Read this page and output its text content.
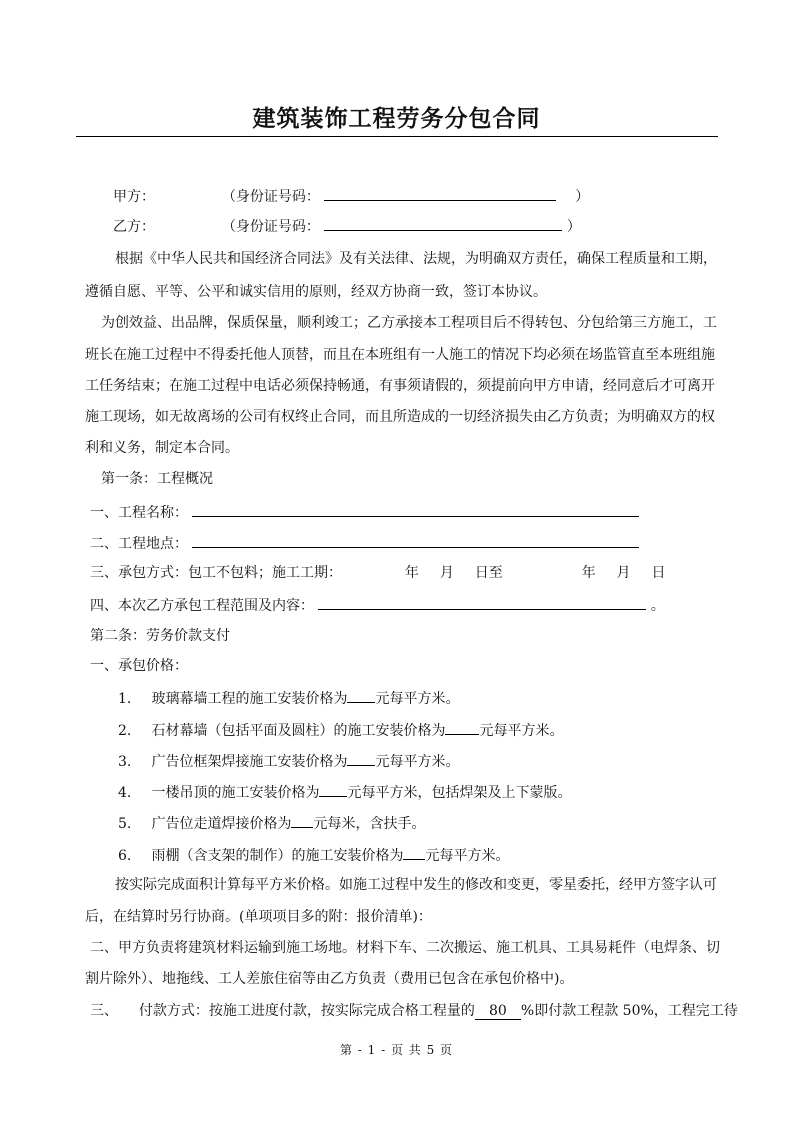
建筑装饰工程劳务分包合同
甲方：	（身份证号码：	）
乙方：	（身份证号码：	）
根据《中华人民共和国经济合同法》及有关法律、法规，为明确双方责任，确保工程质量和工期，
遵循自愿、平等、公平和诚实信用的原则，经双方协商一致，签订本协议。
为创效益、出品牌，保质保量，顺利竣工；乙方承接本工程项目后不得转包、分包给第三方施工，工
班长在施工过程中不得委托他人顶替，而且在本班组有一人施工的情况下均必须在场监管直至本班组施
工任务结束；在施工过程中电话必须保持畅通，有事须请假的，须提前向甲方申请，经同意后才可离开
施工现场，如无故离场的公司有权终止合同，而且所造成的一切经济损失由乙方负责；为明确双方的权
利和义务，制定本合同。
第一条：工程概况
一、工程名称：
二、工程地点：
三、承包方式：包工不包料；施工工期：	年 月 日至	年 月 日
四、本次乙方承包工程范围及内容：	。
第二条：劳务价款支付
一、承包价格：
1. 玻璃幕墙工程的施工安装价格为 元每平方米。
2. 石材幕墙（包括平面及圆柱）的施工安装价格为 元每平方米。
3. 广告位框架焊接施工安装价格为 元每平方米。
4. 一楼吊顶的施工安装价格为 元每平方米，包括焊架及上下蒙版。
5. 广告位走道焊接价格为 元每米，含扶手。
6. 雨棚（含支架的制作）的施工安装价格为 元每平方米。
按实际完成面积计算每平方米价格。如施工过程中发生的修改和变更，零星委托，经甲方签字认可
后，在结算时另行协商。(单项项目多的附：报价清单)：
二、甲方负责将建筑材料运输到施工场地。材料下车、二次搬运、施工机具、工具易耗件（电焊条、切
割片除外）、地拖线、工人差旅住宿等由乙方负责（费用已包含在承包价格中)。
三、 付款方式：按施工进度付款，按实际完成合格工程量的 80 %即付款工程款 50%，工程完工待
第 - 1 - 页 共 5 页
